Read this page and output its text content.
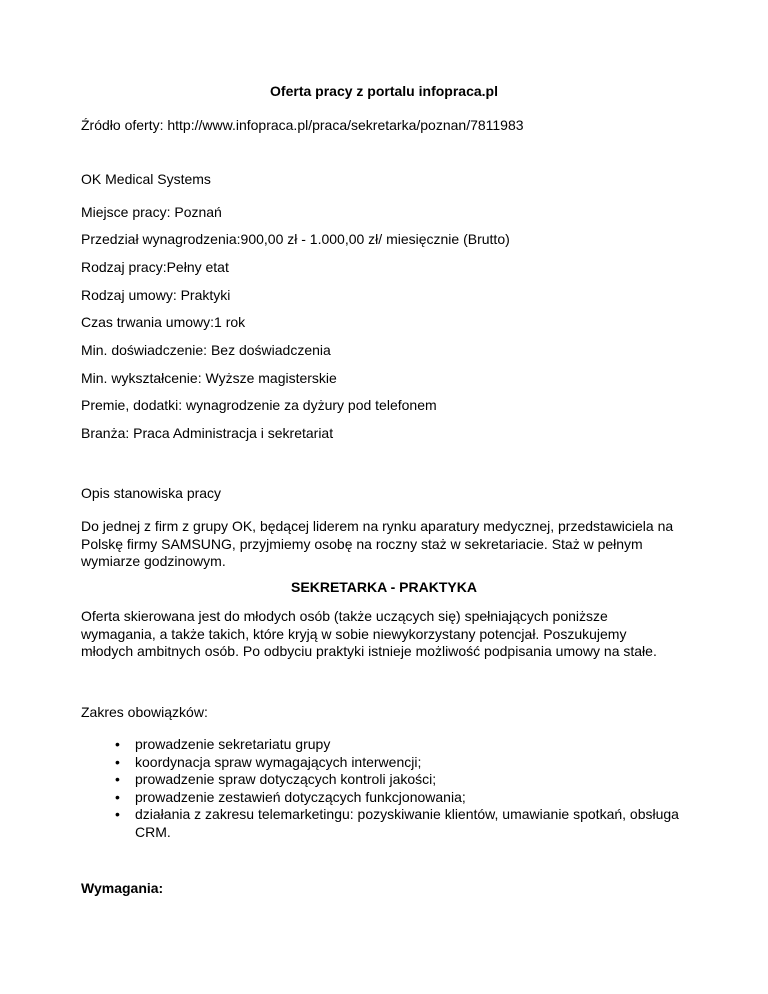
Oferta pracy z portalu infopraca.pl
Źródło oferty: http://www.infopraca.pl/praca/sekretarka/poznan/7811983
OK Medical Systems
Miejsce pracy: Poznań
Przedział wynagrodzenia:900,00 zł - 1.000,00 zł/ miesięcznie (Brutto)
Rodzaj pracy:Pełny etat
Rodzaj umowy: Praktyki
Czas trwania umowy:1 rok
Min. doświadczenie: Bez doświadczenia
Min. wykształcenie: Wyższe magisterskie
Premie, dodatki: wynagrodzenie za dyżury pod telefonem
Branża: Praca Administracja i sekretariat
Opis stanowiska pracy
Do jednej z firm z grupy OK, będącej liderem na rynku aparatury medycznej, przedstawiciela na Polskę firmy SAMSUNG, przyjmiemy osobę na roczny staż w sekretariacie. Staż w pełnym wymiarze godzinowym.
SEKRETARKA - PRAKTYKA
Oferta skierowana jest do młodych osób (także uczących się) spełniających poniższe wymagania, a także takich, które kryją w sobie niewykorzystany potencjał. Poszukujemy młodych ambitnych osób. Po odbyciu praktyki istnieje możliwość podpisania umowy na stałe.
Zakres obowiązków:
• prowadzenie sekretariatu grupy
• koordynacja spraw wymagających interwencji;
• prowadzenie spraw dotyczących kontroli jakości;
• prowadzenie zestawień dotyczących funkcjonowania;
• działania z zakresu telemarketingu: pozyskiwanie klientów, umawianie spotkań, obsługa CRM.
Wymagania:
